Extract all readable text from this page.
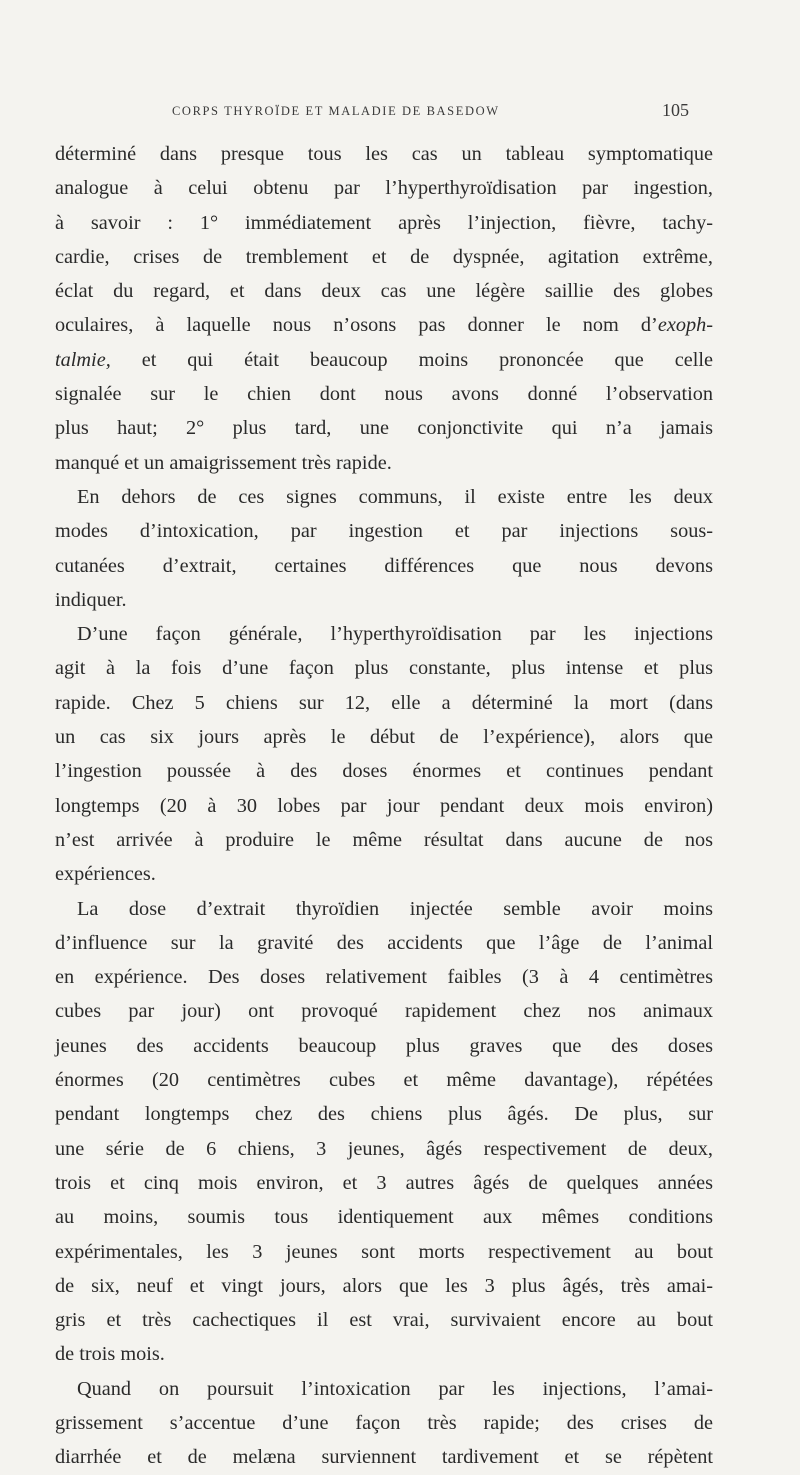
CORPS THYROÏDE ET MALADIE DE BASEDOW	105
déterminé dans presque tous les cas un tableau symptomatique
analogue à celui obtenu par l’hyperthyroïdisation par ingestion,
à savoir : 1° immédiatement après l’injection, fièvre, tachy-
cardie, crises de tremblement et de dyspnée, agitation extrême,
éclat du regard, et dans deux cas une légère saillie des globes
oculaires, à laquelle nous n’osons pas donner le nom d’exoph-
talmie, et qui était beaucoup moins prononcée que celle
signalée sur le chien dont nous avons donné l’observation
plus haut; 2° plus tard, une conjonctivite qui n’a jamais
manqué et un amaigrissement très rapide.
En dehors de ces signes communs, il existe entre les deux
modes d’intoxication, par ingestion et par injections sous-
cutanées d’extrait, certaines différences que nous devons
indiquer.
D’une façon générale, l’hyperthyroïdisation par les injections
agit à la fois d’une façon plus constante, plus intense et plus
rapide. Chez 5 chiens sur 12, elle a déterminé la mort (dans
un cas six jours après le début de l’expérience), alors que
l’ingestion poussée à des doses énormes et continues pendant
longtemps (20 à 30 lobes par jour pendant deux mois environ)
n’est arrivée à produire le même résultat dans aucune de nos
expériences.
La dose d’extrait thyroïdien injectée semble avoir moins
d’influence sur la gravité des accidents que l’âge de l’animal
en expérience. Des doses relativement faibles (3 à 4 centimètres
cubes par jour) ont provoqué rapidement chez nos animaux
jeunes des accidents beaucoup plus graves que des doses
énormes (20 centimètres cubes et même davantage), répétées
pendant longtemps chez des chiens plus âgés. De plus, sur
une série de 6 chiens, 3 jeunes, âgés respectivement de deux,
trois et cinq mois environ, et 3 autres âgés de quelques années
au moins, soumis tous identiquement aux mêmes conditions
expérimentales, les 3 jeunes sont morts respectivement au bout
de six, neuf et vingt jours, alors que les 3 plus âgés, très amai-
gris et très cachectiques il est vrai, survivaient encore au bout
de trois mois.
Quand on poursuit l’intoxication par les injections, l’amai-
grissement s’accentue d’une façon très rapide; des crises de
diarrhée et de melæna surviennent tardivement et se répètent
